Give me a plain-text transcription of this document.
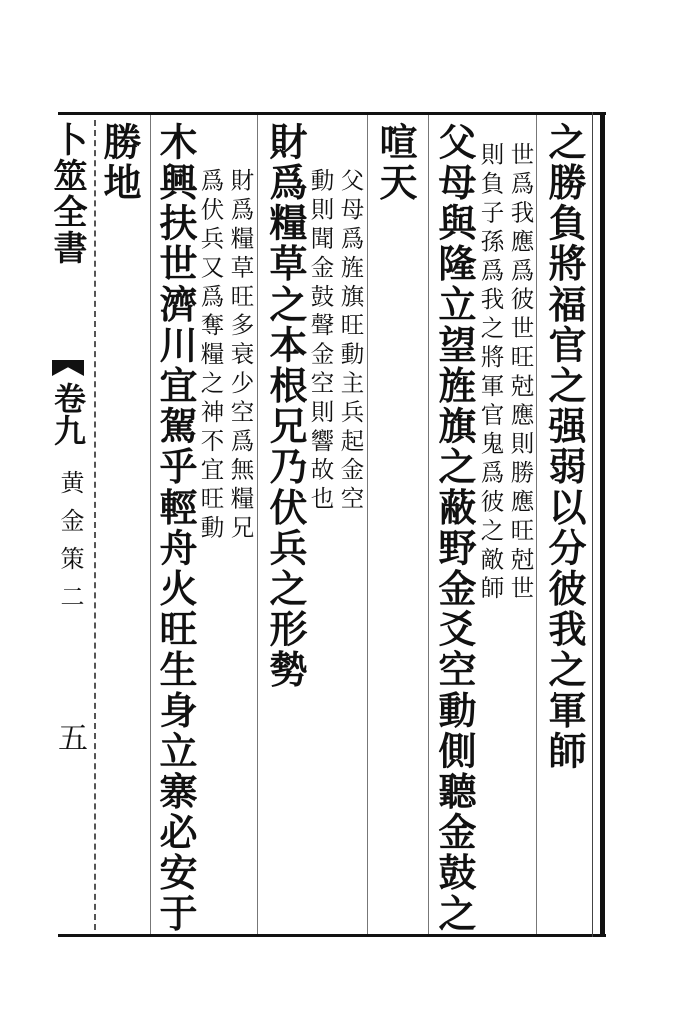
卜筮全書
卷九
黄金策二
五	之勝負將福官之强弱以分彼我之軍師
世爲我應爲彼世旺尅應則勝應旺尅世
則負子孫爲我之將軍官鬼爲彼之敵師
父母與隆立望旌旗之蔽野金爻空動側聽金鼓之
喧天
父母爲旌旗旺動主兵起金空
動則聞金鼓聲金空則響故也
財爲糧草之本根兄乃伏兵之形勢
財爲糧草旺多衰少空爲無糧兄
爲伏兵又爲奪糧之神不宜旺動
木興扶世濟川宜駕乎輕舟火旺生身立寨必安于
勝地
